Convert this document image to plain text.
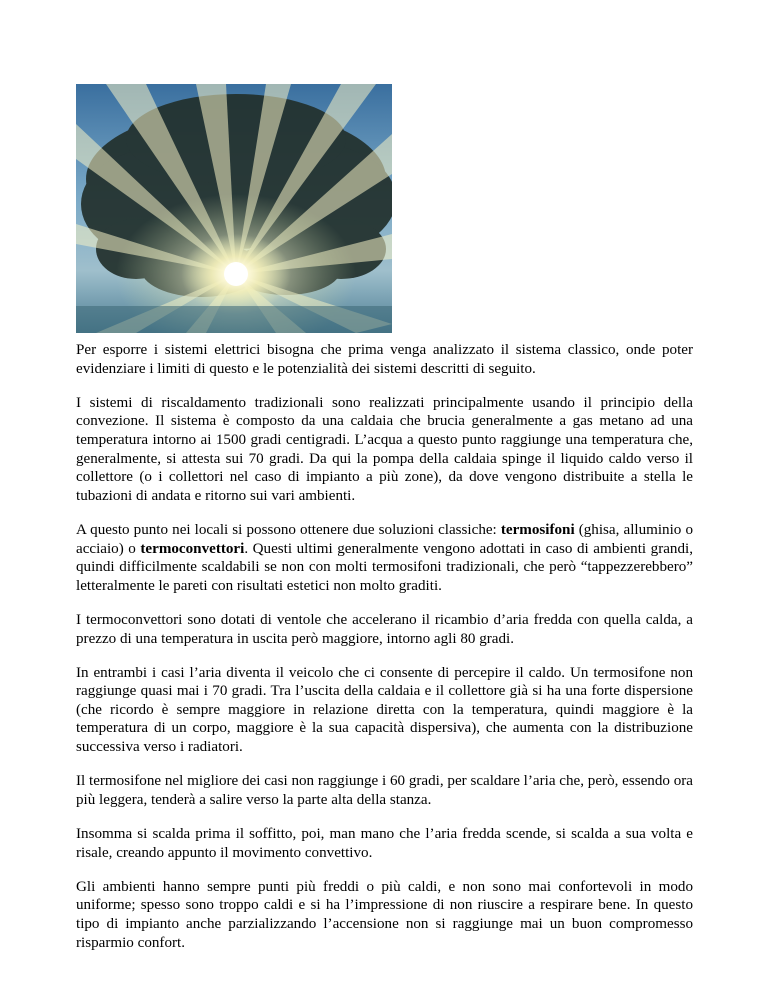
Per esporre i sistemi elettrici bisogna che prima venga analizzato il sistema classico, onde poter evidenziare i limiti di questo e le potenzialità dei sistemi descritti di seguito.

I sistemi di riscaldamento tradizionali sono realizzati principalmente usando il principio della convezione. Il sistema è composto da una caldaia che brucia generalmente a gas metano ad una temperatura intorno ai 1500 gradi centigradi. L’acqua a questo punto raggiunge una temperatura che, generalmente, si attesta sui 70 gradi. Da qui la pompa della caldaia spinge il liquido caldo verso il collettore (o i collettori nel caso di impianto a più zone), da dove vengono distribuite a stella le tubazioni di andata e ritorno sui vari ambienti.

A questo punto nei locali si possono ottenere due soluzioni classiche: termosifoni (ghisa, alluminio o acciaio) o termoconvettori. Questi ultimi generalmente vengono adottati in caso di ambienti grandi, quindi difficilmente scaldabili se non con molti termosifoni tradizionali, che però “tappezzerebbero” letteralmente le pareti con risultati estetici non molto graditi.

I termoconvettori sono dotati di ventole che accelerano il ricambio d’aria fredda con quella calda, a prezzo di una temperatura in uscita però maggiore, intorno agli 80 gradi.

In entrambi i casi l’aria diventa il veicolo che ci consente di percepire il caldo. Un termosifone non raggiunge quasi mai i 70 gradi. Tra l’uscita della caldaia e il collettore già si ha una forte dispersione (che ricordo è sempre maggiore in relazione diretta con la temperatura, quindi maggiore è la temperatura di un corpo, maggiore è la sua capacità dispersiva), che aumenta con la distribuzione successiva verso i radiatori.

Il termosifone nel migliore dei casi non raggiunge i 60 gradi, per scaldare l’aria che, però, essendo ora più leggera, tenderà a salire verso la parte alta della stanza.

Insomma si scalda prima il soffitto, poi, man mano che l’aria fredda scende, si scalda a sua volta e risale, creando appunto il movimento convettivo.

Gli ambienti hanno sempre punti più freddi o più caldi, e non sono mai confortevoli in modo uniforme; spesso sono troppo caldi e si ha l’impressione di non riuscire a respirare bene. In questo tipo di impianto anche parzializzando l’accensione non si raggiunge mai un buon compromesso risparmio confort.
